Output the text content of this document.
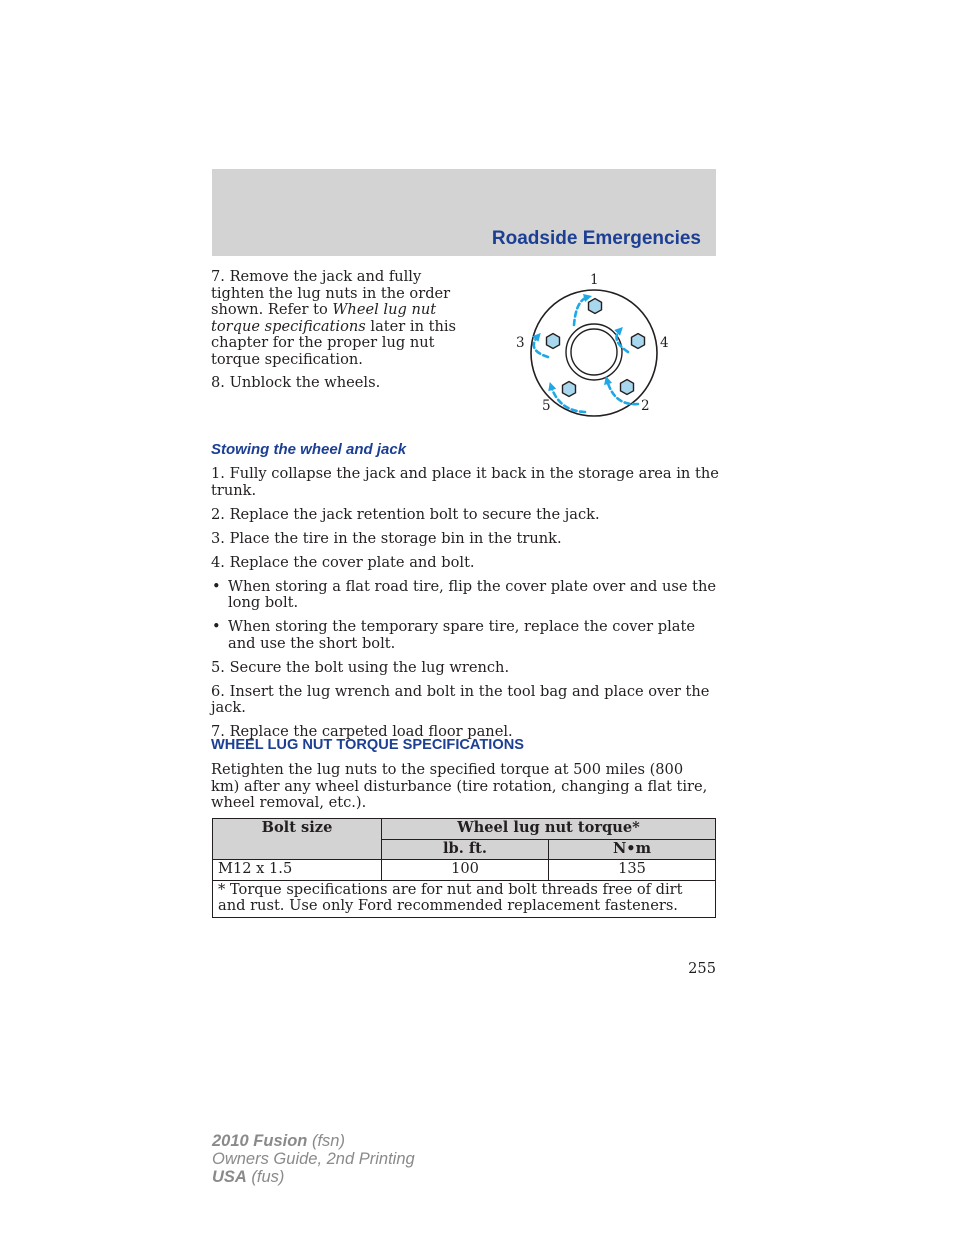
Roadside Emergencies

7. Remove the jack and fully tighten the lug nuts in the order shown. Refer to Wheel lug nut torque specifications later in this chapter for the proper lug nut torque specification.

8. Unblock the wheels.

1
2
3	4
5
Stowing the wheel and jack
1. Fully collapse the jack and place it back in the storage area in the trunk.
2. Replace the jack retention bolt to secure the jack.
3. Place the tire in the storage bin in the trunk.
4. Replace the cover plate and bolt.
• When storing a flat road tire, flip the cover plate over and use the long bolt.
• When storing the temporary spare tire, replace the cover plate and use the short bolt.
5. Secure the bolt using the lug wrench.
6. Insert the lug wrench and bolt in the tool bag and place over the jack.
7. Replace the carpeted load floor panel.
WHEEL LUG NUT TORQUE SPECIFICATIONS

Retighten the lug nuts to the specified torque at 500 miles (800 km) after any wheel disturbance (tire rotation, changing a flat tire, wheel removal, etc.).

Bolt size	Wheel lug nut torque*	
	lb. ft.	N•m
M12 x 1.5	100	135
* Torque specifications are for nut and bolt threads free of dirt and rust. Use only Ford recommended replacement fasteners.		
255
2010 Fusion (fsn)
Owners Guide, 2nd Printing
USA (fus)
